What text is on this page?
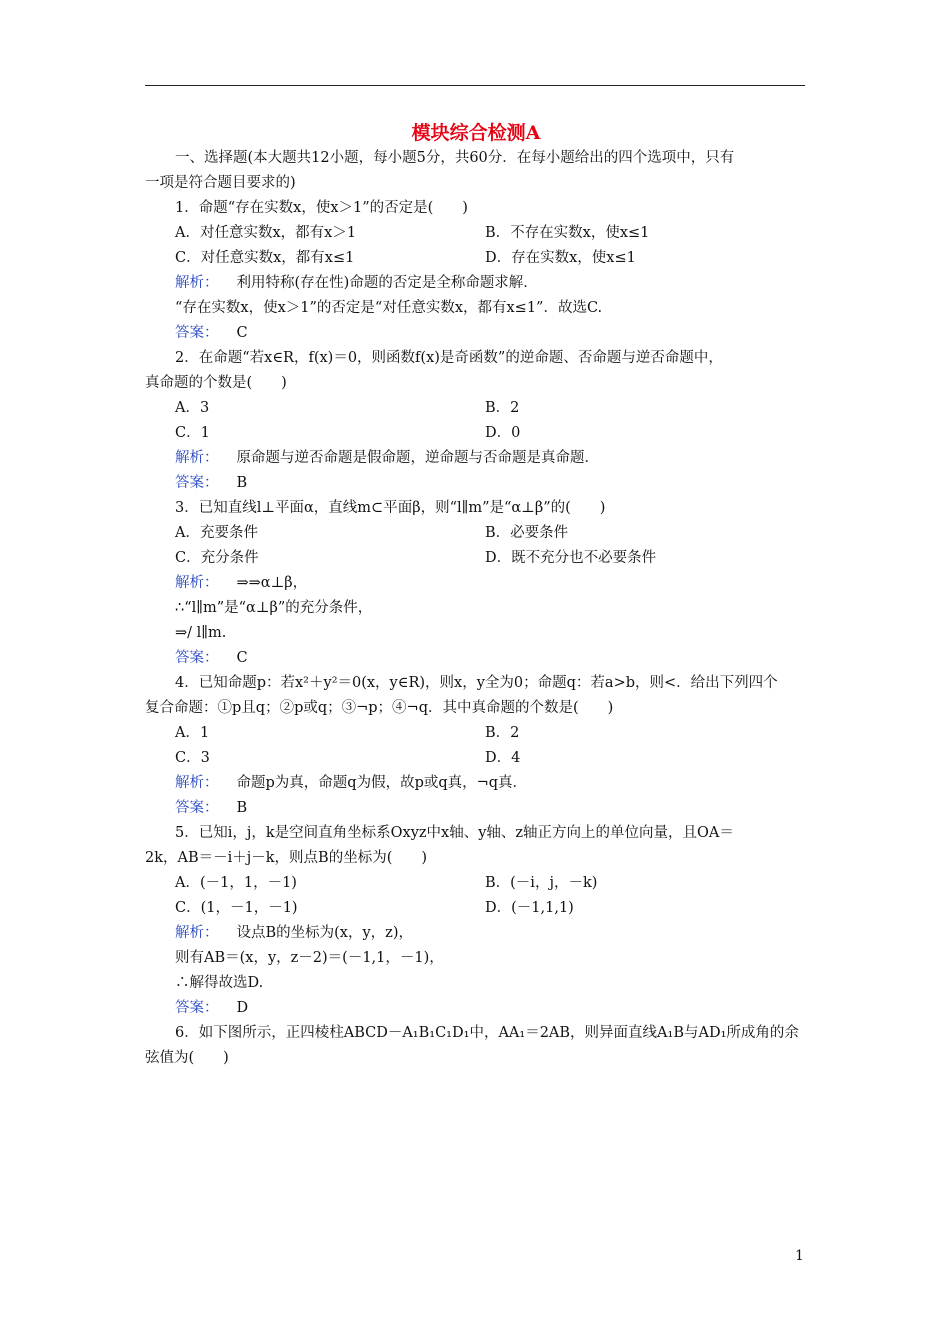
模块综合检测A

一、选择题(本大题共12小题，每小题5分，共60分．在每小题给出的四个选项中，只有

一项是符合题目要求的)

1．命题“存在实数x，使x＞1”的否定是(　　)

A．对任意实数x，都有x＞1	B．不存在实数x，使x≤1
C．对任意实数x，都有x≤1	D．存在实数x，使x≤1

解析： 利用特称(存在性)命题的否定是全称命题求解．

“存在实数x，使x＞1”的否定是“对任意实数x，都有x≤1”．故选C.

答案： C

2．在命题“若x∈R，f(x)＝0，则函数f(x)是奇函数”的逆命题、否命题与逆否命题中，

真命题的个数是(　　)

A．3	B．2
C．1	D．0

解析： 原命题与逆否命题是假命题，逆命题与否命题是真命题．

答案： B

3．已知直线l⊥平面α，直线m⊂平面β，则“l∥m”是“α⊥β”的(　　)

A．充要条件	B．必要条件
C．充分条件	D．既不充分也不必要条件

解析： ⇒⇒α⊥β，

∴“l∥m”是“α⊥β”的充分条件，

⇒/ l∥m.

答案： C

4．已知命题p：若x²＋y²＝0(x，y∈R)，则x，y全为0；命题q：若a>b，则<．给出下列四个

复合命题：①p且q；②p或q；③¬p；④¬q．其中真命题的个数是(　　)

A．1	B．2
C．3	D．4

解析： 命题p为真，命题q为假，故p或q真，¬q真．

答案： B

5．已知i，j，k是空间直角坐标系Oxyz中x轴、y轴、z轴正方向上的单位向量，且OA＝

2k，AB＝－i＋j－k，则点B的坐标为(　　)

A．(－1，1，－1)	B．(－i，j，－k)
C．(1，－1，－1)	D．(－1,1,1)

解析： 设点B的坐标为(x，y，z)，

则有AB＝(x，y，z－2)＝(－1,1，－1)，

∴解得故选D.

答案： D

6．如下图所示，正四棱柱ABCD－A₁B₁C₁D₁中，AA₁＝2AB，则异面直线A₁B与AD₁所成角的余

弦值为(　　)

1
